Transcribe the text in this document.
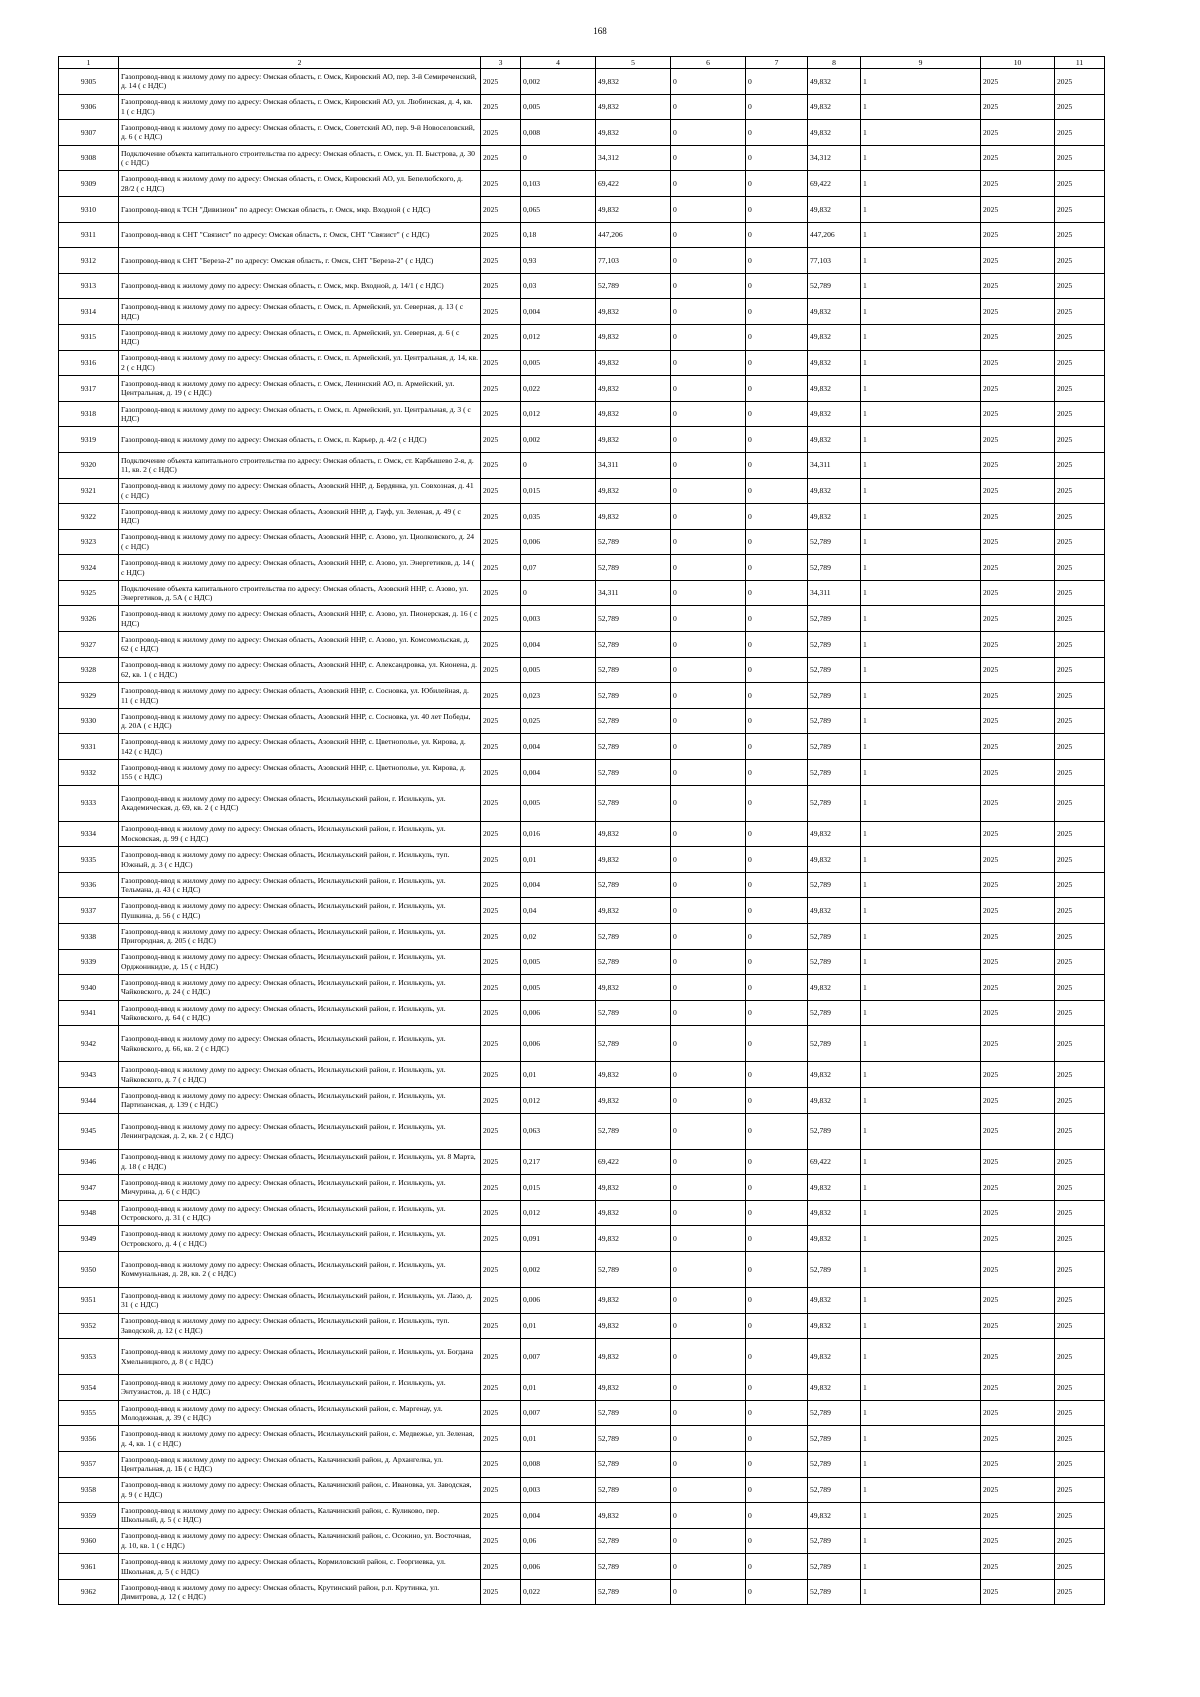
168
1	2	3	4	5	6	7	8	9	10	11
9305	Газопровод-ввод к жилому дому по адресу: Омская область, г. Омск, Кировский АО, пер. 3-й Семиреченский, д. 14 ( с НДС)	2025	0,002	49,832	0	0	49,832	1	2025	2025
9306	Газопровод-ввод к жилому дому по адресу: Омская область, г. Омск, Кировский АО, ул. Любинская, д. 4, кв. 1 ( с НДС)	2025	0,005	49,832	0	0	49,832	1	2025	2025
9307	Газопровод-ввод к жилому дому по адресу: Омская область, г. Омск, Советский АО, пер. 9-й Новоселовский, д. 6 ( с НДС)	2025	0,008	49,832	0	0	49,832	1	2025	2025
9308	Подключение объекта капитального строительства по адресу: Омская область, г. Омск, ул. П. Быстрова, д. 30 ( с НДС)	2025	0	34,312	0	0	34,312	1	2025	2025
9309	Газопровод-ввод к жилому дому по адресу: Омская область, г. Омск, Кировский АО, ул. Бепелюбского, д. 28/2 ( с НДС)	2025	0,103	69,422	0	0	69,422	1	2025	2025
9310	Газопровод-ввод к ТСН "Дивизион" по адресу: Омская область, г. Омск, мкр. Входной ( с НДС)	2025	0,065	49,832	0	0	49,832	1	2025	2025
9311	Газопровод-ввод к СНТ "Связист" по адресу: Омская область, г. Омск, СНТ "Связист" ( с НДС)	2025	0,18	447,206	0	0	447,206	1	2025	2025
9312	Газопровод-ввод к СНТ "Береза-2" по адресу: Омская область, г. Омск, СНТ "Береза-2" ( с НДС)	2025	0,93	77,103	0	0	77,103	1	2025	2025
9313	Газопровод-ввод к жилому дому по адресу: Омская область, г. Омск, мкр. Входной, д. 14/1 ( с НДС)	2025	0,03	52,789	0	0	52,789	1	2025	2025
9314	Газопровод-ввод к жилому дому по адресу: Омская область, г. Омск, п. Армейский, ул. Северная, д. 13 ( с НДС)	2025	0,004	49,832	0	0	49,832	1	2025	2025
9315	Газопровод-ввод к жилому дому по адресу: Омская область, г. Омск, п. Армейский, ул. Северная, д. 6 ( с НДС)	2025	0,012	49,832	0	0	49,832	1	2025	2025
9316	Газопровод-ввод к жилому дому по адресу: Омская область, г. Омск, п. Армейский, ул. Центральная, д. 14, кв. 2 ( с НДС)	2025	0,005	49,832	0	0	49,832	1	2025	2025
9317	Газопровод-ввод к жилому дому по адресу: Омская область, г. Омск, Ленинский АО, п. Армейский, ул. Центральная, д. 19 ( с НДС)	2025	0,022	49,832	0	0	49,832	1	2025	2025
9318	Газопровод-ввод к жилому дому по адресу: Омская область, г. Омск, п. Армейский, ул. Центральная, д. 3 ( с НДС)	2025	0,012	49,832	0	0	49,832	1	2025	2025
9319	Газопровод-ввод к жилому дому по адресу: Омская область, г. Омск, п. Карьер, д. 4/2 ( с НДС)	2025	0,002	49,832	0	0	49,832	1	2025	2025
9320	Подключение объекта капитального строительства по адресу: Омская область, г. Омск, ст. Карбышево 2-я, д. 11, кв. 2 ( с НДС)	2025	0	34,311	0	0	34,311	1	2025	2025
9321	Газопровод-ввод к жилому дому по адресу: Омская область, Азовский ННР, д. Бердянка, ул. Совхозная, д. 41 ( с НДС)	2025	0,015	49,832	0	0	49,832	1	2025	2025
9322	Газопровод-ввод к жилому дому по адресу: Омская область, Азовский ННР, д. Гауф, ул. Зеленая, д. 49 ( с НДС)	2025	0,035	49,832	0	0	49,832	1	2025	2025
9323	Газопровод-ввод к жилому дому по адресу: Омская область, Азовский ННР, с. Азово, ул. Циолковского, д. 24 ( с НДС)	2025	0,006	52,789	0	0	52,789	1	2025	2025
9324	Газопровод-ввод к жилому дому по адресу: Омская область, Азовский ННР, с. Азово, ул. Энергетиков, д. 14 ( с НДС)	2025	0,07	52,789	0	0	52,789	1	2025	2025
9325	Подключение объекта капитального строительства по адресу: Омская область, Азовский ННР, с. Азово, ул. Энергетиков, д. 5А ( с НДС)	2025	0	34,311	0	0	34,311	1	2025	2025
9326	Газопровод-ввод к жилому дому по адресу: Омская область, Азовский ННР, с. Азово, ул. Пионерская, д. 16 ( с НДС)	2025	0,003	52,789	0	0	52,789	1	2025	2025
9327	Газопровод-ввод к жилому дому по адресу: Омская область, Азовский ННР, с. Азово, ул. Комсомольская, д. 62 ( с НДС)	2025	0,004	52,789	0	0	52,789	1	2025	2025
9328	Газопровод-ввод к жилому дому по адресу: Омская область, Азовский ННР, с. Александровка, ул. Кионена, д. 62, кв. 1 ( с НДС)	2025	0,005	52,789	0	0	52,789	1	2025	2025
9329	Газопровод-ввод к жилому дому по адресу: Омская область, Азовский ННР, с. Сосновка, ул. Юбилейная, д. 11 ( с НДС)	2025	0,023	52,789	0	0	52,789	1	2025	2025
9330	Газопровод-ввод к жилому дому по адресу: Омская область, Азовский ННР, с. Сосновка, ул. 40 лет Победы, д. 20А ( с НДС)	2025	0,025	52,789	0	0	52,789	1	2025	2025
9331	Газопровод-ввод к жилому дому по адресу: Омская область, Азовский ННР, с. Цветнополье, ул. Кирова, д. 142 ( с НДС)	2025	0,004	52,789	0	0	52,789	1	2025	2025
9332	Газопровод-ввод к жилому дому по адресу: Омская область, Азовский ННР, с. Цветнополье, ул. Кирова, д. 155 ( с НДС)	2025	0,004	52,789	0	0	52,789	1	2025	2025
9333	Газопровод-ввод к жилому дому по адресу: Омская область, Исилькульский район, г. Исилькуль, ул. Академическая, д. 69, кв. 2 ( с НДС)	2025	0,005	52,789	0	0	52,789	1	2025	2025
9334	Газопровод-ввод к жилому дому по адресу: Омская область, Исилькульский район, г. Исилькуль, ул. Московская, д. 99 ( с НДС)	2025	0,016	49,832	0	0	49,832	1	2025	2025
9335	Газопровод-ввод к жилому дому по адресу: Омская область, Исилькульский район, г. Исилькуль, туп. Южный, д. 3 ( с НДС)	2025	0,01	49,832	0	0	49,832	1	2025	2025
9336	Газопровод-ввод к жилому дому по адресу: Омская область, Исилькульский район, г. Исилькуль, ул. Тельмана, д. 43 ( с НДС)	2025	0,004	52,789	0	0	52,789	1	2025	2025
9337	Газопровод-ввод к жилому дому по адресу: Омская область, Исилькульский район, г. Исилькуль, ул. Пушкина, д. 56 ( с НДС)	2025	0,04	49,832	0	0	49,832	1	2025	2025
9338	Газопровод-ввод к жилому дому по адресу: Омская область, Исилькульский район, г. Исилькуль, ул. Пригородная, д. 205 ( с НДС)	2025	0,02	52,789	0	0	52,789	1	2025	2025
9339	Газопровод-ввод к жилому дому по адресу: Омская область, Исилькульский район, г. Исилькуль, ул. Орджоникидзе, д. 15 ( с НДС)	2025	0,005	52,789	0	0	52,789	1	2025	2025
9340	Газопровод-ввод к жилому дому по адресу: Омская область, Исилькульский район, г. Исилькуль, ул. Чайковского, д. 24 ( с НДС)	2025	0,005	49,832	0	0	49,832	1	2025	2025
9341	Газопровод-ввод к жилому дому по адресу: Омская область, Исилькульский район, г. Исилькуль, ул. Чайковского, д. 64 ( с НДС)	2025	0,006	52,789	0	0	52,789	1	2025	2025
9342	Газопровод-ввод к жилому дому по адресу: Омская область, Исилькульский район, г. Исилькуль, ул. Чайковского, д. 66, кв. 2 ( с НДС)	2025	0,006	52,789	0	0	52,789	1	2025	2025
9343	Газопровод-ввод к жилому дому по адресу: Омская область, Исилькульский район, г. Исилькуль, ул. Чайковского, д. 7 ( с НДС)	2025	0,01	49,832	0	0	49,832	1	2025	2025
9344	Газопровод-ввод к жилому дому по адресу: Омская область, Исилькульский район, г. Исилькуль, ул. Партизанская, д. 139 ( с НДС)	2025	0,012	49,832	0	0	49,832	1	2025	2025
9345	Газопровод-ввод к жилому дому по адресу: Омская область, Исилькульский район, г. Исилькуль, ул. Ленинградская, д. 2, кв. 2 ( с НДС)	2025	0,063	52,789	0	0	52,789	1	2025	2025
9346	Газопровод-ввод к жилому дому по адресу: Омская область, Исилькульский район, г. Исилькуль, ул. 8 Марта, д. 18 ( с НДС)	2025	0,217	69,422	0	0	69,422	1	2025	2025
9347	Газопровод-ввод к жилому дому по адресу: Омская область, Исилькульский район, г. Исилькуль, ул. Мичурина, д. 6 ( с НДС)	2025	0,015	49,832	0	0	49,832	1	2025	2025
9348	Газопровод-ввод к жилому дому по адресу: Омская область, Исилькульский район, г. Исилькуль, ул. Островского, д. 31 ( с НДС)	2025	0,012	49,832	0	0	49,832	1	2025	2025
9349	Газопровод-ввод к жилому дому по адресу: Омская область, Исилькульский район, г. Исилькуль, ул. Островского, д. 4 ( с НДС)	2025	0,091	49,832	0	0	49,832	1	2025	2025
9350	Газопровод-ввод к жилому дому по адресу: Омская область, Исилькульский район, г. Исилькуль, ул. Коммунальная, д. 28, кв. 2 ( с НДС)	2025	0,002	52,789	0	0	52,789	1	2025	2025
9351	Газопровод-ввод к жилому дому по адресу: Омская область, Исилькульский район, г. Исилькуль, ул. Лазо, д. 31 ( с НДС)	2025	0,006	49,832	0	0	49,832	1	2025	2025
9352	Газопровод-ввод к жилому дому по адресу: Омская область, Исилькульский район, г. Исилькуль, туп. Заводской, д. 12 ( с НДС)	2025	0,01	49,832	0	0	49,832	1	2025	2025
9353	Газопровод-ввод к жилому дому по адресу: Омская область, Исилькульский район, г. Исилькуль, ул. Богдана Хмельницкого, д. 8 ( с НДС)	2025	0,007	49,832	0	0	49,832	1	2025	2025
9354	Газопровод-ввод к жилому дому по адресу: Омская область, Исилькульский район, г. Исилькуль, ул. Энтузиастов, д. 18 ( с НДС)	2025	0,01	49,832	0	0	49,832	1	2025	2025
9355	Газопровод-ввод к жилому дому по адресу: Омская область, Исилькульский район, с. Маргенау, ул. Молодежная, д. 39 ( с НДС)	2025	0,007	52,789	0	0	52,789	1	2025	2025
9356	Газопровод-ввод к жилому дому по адресу: Омская область, Исилькульский район, с. Медвежье, ул. Зеленая, д. 4, кв. 1 ( с НДС)	2025	0,01	52,789	0	0	52,789	1	2025	2025
9357	Газопровод-ввод к жилому дому по адресу: Омская область, Калачинский район, д. Архангелка, ул. Центральная, д. 1Б ( с НДС)	2025	0,008	52,789	0	0	52,789	1	2025	2025
9358	Газопровод-ввод к жилому дому по адресу: Омская область, Калачинский район, с. Ивановка, ул. Заводская, д. 9 ( с НДС)	2025	0,003	52,789	0	0	52,789	1	2025	2025
9359	Газопровод-ввод к жилому дому по адресу: Омская область, Калачинский район, с. Куликово, пер. Школьный, д. 5 ( с НДС)	2025	0,004	49,832	0	0	49,832	1	2025	2025
9360	Газопровод-ввод к жилому дому по адресу: Омская область, Калачинский район, с. Осокино, ул. Восточная, д. 10, кв. 1 ( с НДС)	2025	0,06	52,789	0	0	52,789	1	2025	2025
9361	Газопровод-ввод к жилому дому по адресу: Омская область, Кормиловский район, с. Георгиевка, ул. Школьная, д. 5 ( с НДС)	2025	0,006	52,789	0	0	52,789	1	2025	2025
9362	Газопровод-ввод к жилому дому по адресу: Омская область, Крутинский район, р.п. Крутинка, ул. Димитрова, д. 12 ( с НДС)	2025	0,022	52,789	0	0	52,789	1	2025	2025
